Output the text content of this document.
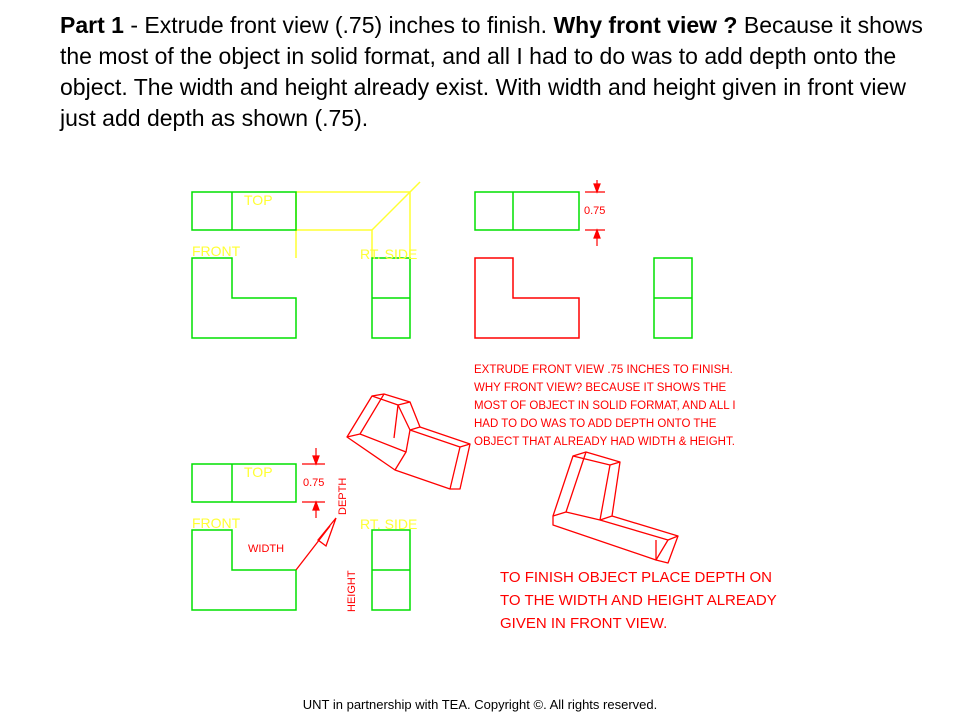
Part 1 - Extrude front view (.75) inches to finish. Why front view ? Because it shows the most of the object in solid format, and all I had to do was to add depth onto the object. The width and height already exist. With width and height given in front view just add depth as shown (.75).
TOP
FRONT	RT. SIDE
0.75
EXTRUDE FRONT VIEW .75 INCHES TO FINISH.
WHY FRONT VIEW? BECAUSE IT SHOWS THE
MOST OF OBJECT IN SOLID FORMAT, AND ALL I
HAD TO DO WAS TO ADD DEPTH ONTO THE
OBJECT THAT ALREADY HAD WIDTH & HEIGHT.
TOP
FRONT	RT. SIDE
0.75
WIDTH
HEIGHT
DEPTH
TO FINISH OBJECT PLACE DEPTH ON
TO THE WIDTH AND HEIGHT ALREADY
GIVEN IN FRONT VIEW.
UNT in partnership with TEA. Copyright ©. All rights reserved.
